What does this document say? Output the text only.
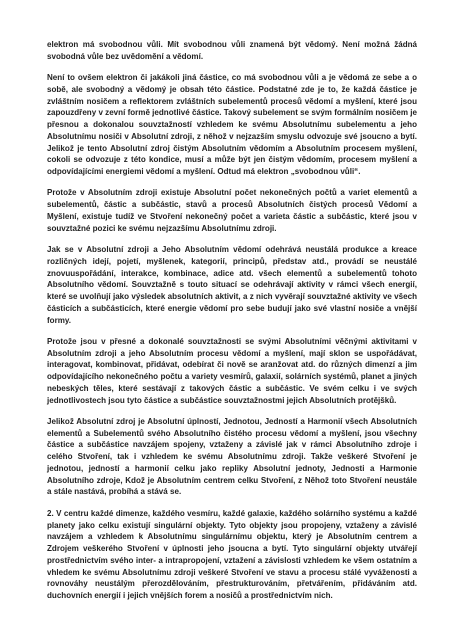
elektron má svobodnou vůli. Mít svobodnou vůli znamená být vědomý. Není možná žádná svobodná vůle bez uvědomění a vědomí.

Není to ovšem elektron či jakákoli jiná částice, co má svobodnou vůli a je vědomá ze sebe a o sobě, ale svobodný a vědomý je obsah této částice. Podstatné zde je to, že každá částice je zvláštním nosičem a reflektorem zvláštních subelementů procesů vědomí a myšlení, které jsou zapouzdřeny v zevní formě jednotlivé částice. Takový subelement se svým formálním nosičem je přesnou a dokonalou souvztažností vzhledem ke svému Absolutnímu subelementu a jeho Absolutnímu nosiči v Absolutní zdroji, z něhož v nejzazším smyslu odvozuje své jsoucno a bytí. Jelikož je tento Absolutní zdroj čistým Absolutním vědomím a Absolutním procesem myšlení, cokoli se odvozuje z této kondice, musí a může být jen čistým vědomím, procesem myšlení a odpovídajícími energiemi vědomí a myšlení. Odtud má elektron „svobodnou vůli“.

Protože v Absolutním zdroji existuje Absolutní počet nekonečných počtů a variet elementů a subelementů, částic a subčástic, stavů a procesů Absolutních čistých procesů Vědomí a Myšlení, existuje tudíž ve Stvoření nekonečný počet a varieta částic a subčástic, které jsou v souvztažné pozici ke svému nejzazšímu Absolutnímu zdroji.

Jak se v Absolutní zdroji a Jeho Absolutním vědomí odehrává neustálá produkce a kreace rozličných idejí, pojetí, myšlenek, kategorií, principů, představ atd., provádí se neustálé znovuuspořádání, interakce, kombinace, adice atd. všech elementů a subelementů tohoto Absolutního vědomí. Souvztažně s touto situací se odehrávají aktivity v rámci všech energií, které se uvolňují jako výsledek absolutních aktivit, a z nich vyvěrají souvztažné aktivity ve všech částicích a subčásticích, které energie vědomí pro sebe budují jako své vlastní nosiče a vnější formy.

Protože jsou v přesné a dokonalé souvztažnosti se svými Absolutními věčnými aktivitami v Absolutním zdroji a jeho Absolutním procesu vědomí a myšlení, mají sklon se uspořádávat, interagovat, kombinovat, přidávat, odebírat či nově se aranžovat atd. do různých dimenzí a jim odpovídajícího nekonečného počtu a variety vesmírů, galaxií, solárních systémů, planet a jiných nebeských těles, které sestávají z takových částic a subčástic. Ve svém celku i ve svých jednotlivostech jsou tyto částice a subčástice souvztažnostmi jejich Absolutních protějšků.

Jelikož Absolutní zdroj je Absolutní úplností, Jednotou, Jedností a Harmonií všech Absolutních elementů a Subelementů svého Absolutního čistého procesu vědomí a myšlení, jsou všechny částice a subčástice navzájem spojeny, vztaženy a závislé jak v rámci Absolutního zdroje i celého Stvoření, tak i vzhledem ke svému Absolutnímu zdroji. Takže veškeré Stvoření je jednotou, jedností a harmonií celku jako repliky Absolutní jednoty, Jednosti a Harmonie Absolutního zdroje, Kdož je Absolutním centrem celku Stvoření, z Něhož toto Stvoření neustále a stále nastává, probíhá a stává se.

2. V centru každé dimenze, každého vesmíru, každé galaxie, každého solárního systému a každé planety jako celku existují singulární objekty. Tyto objekty jsou propojeny, vztaženy a závislé navzájem a vzhledem k Absolutnímu singulárnímu objektu, který je Absolutním centrem a Zdrojem veškerého Stvoření v úplnosti jeho jsoucna a bytí. Tyto singulární objekty utvářejí prostřednictvím svého inter- a intrapropojení, vztažení a závislosti vzhledem ke všem ostatním a vhledem ke svému Absolutnímu zdroji veškeré Stvoření ve stavu a procesu stálé vyváženosti a rovnováhy neustálým přerozdělováním, přestrukturováním, přetvářením, přidáváním atd. duchovních energií i jejich vnějších forem a nosičů a prostřednictvím nich.
